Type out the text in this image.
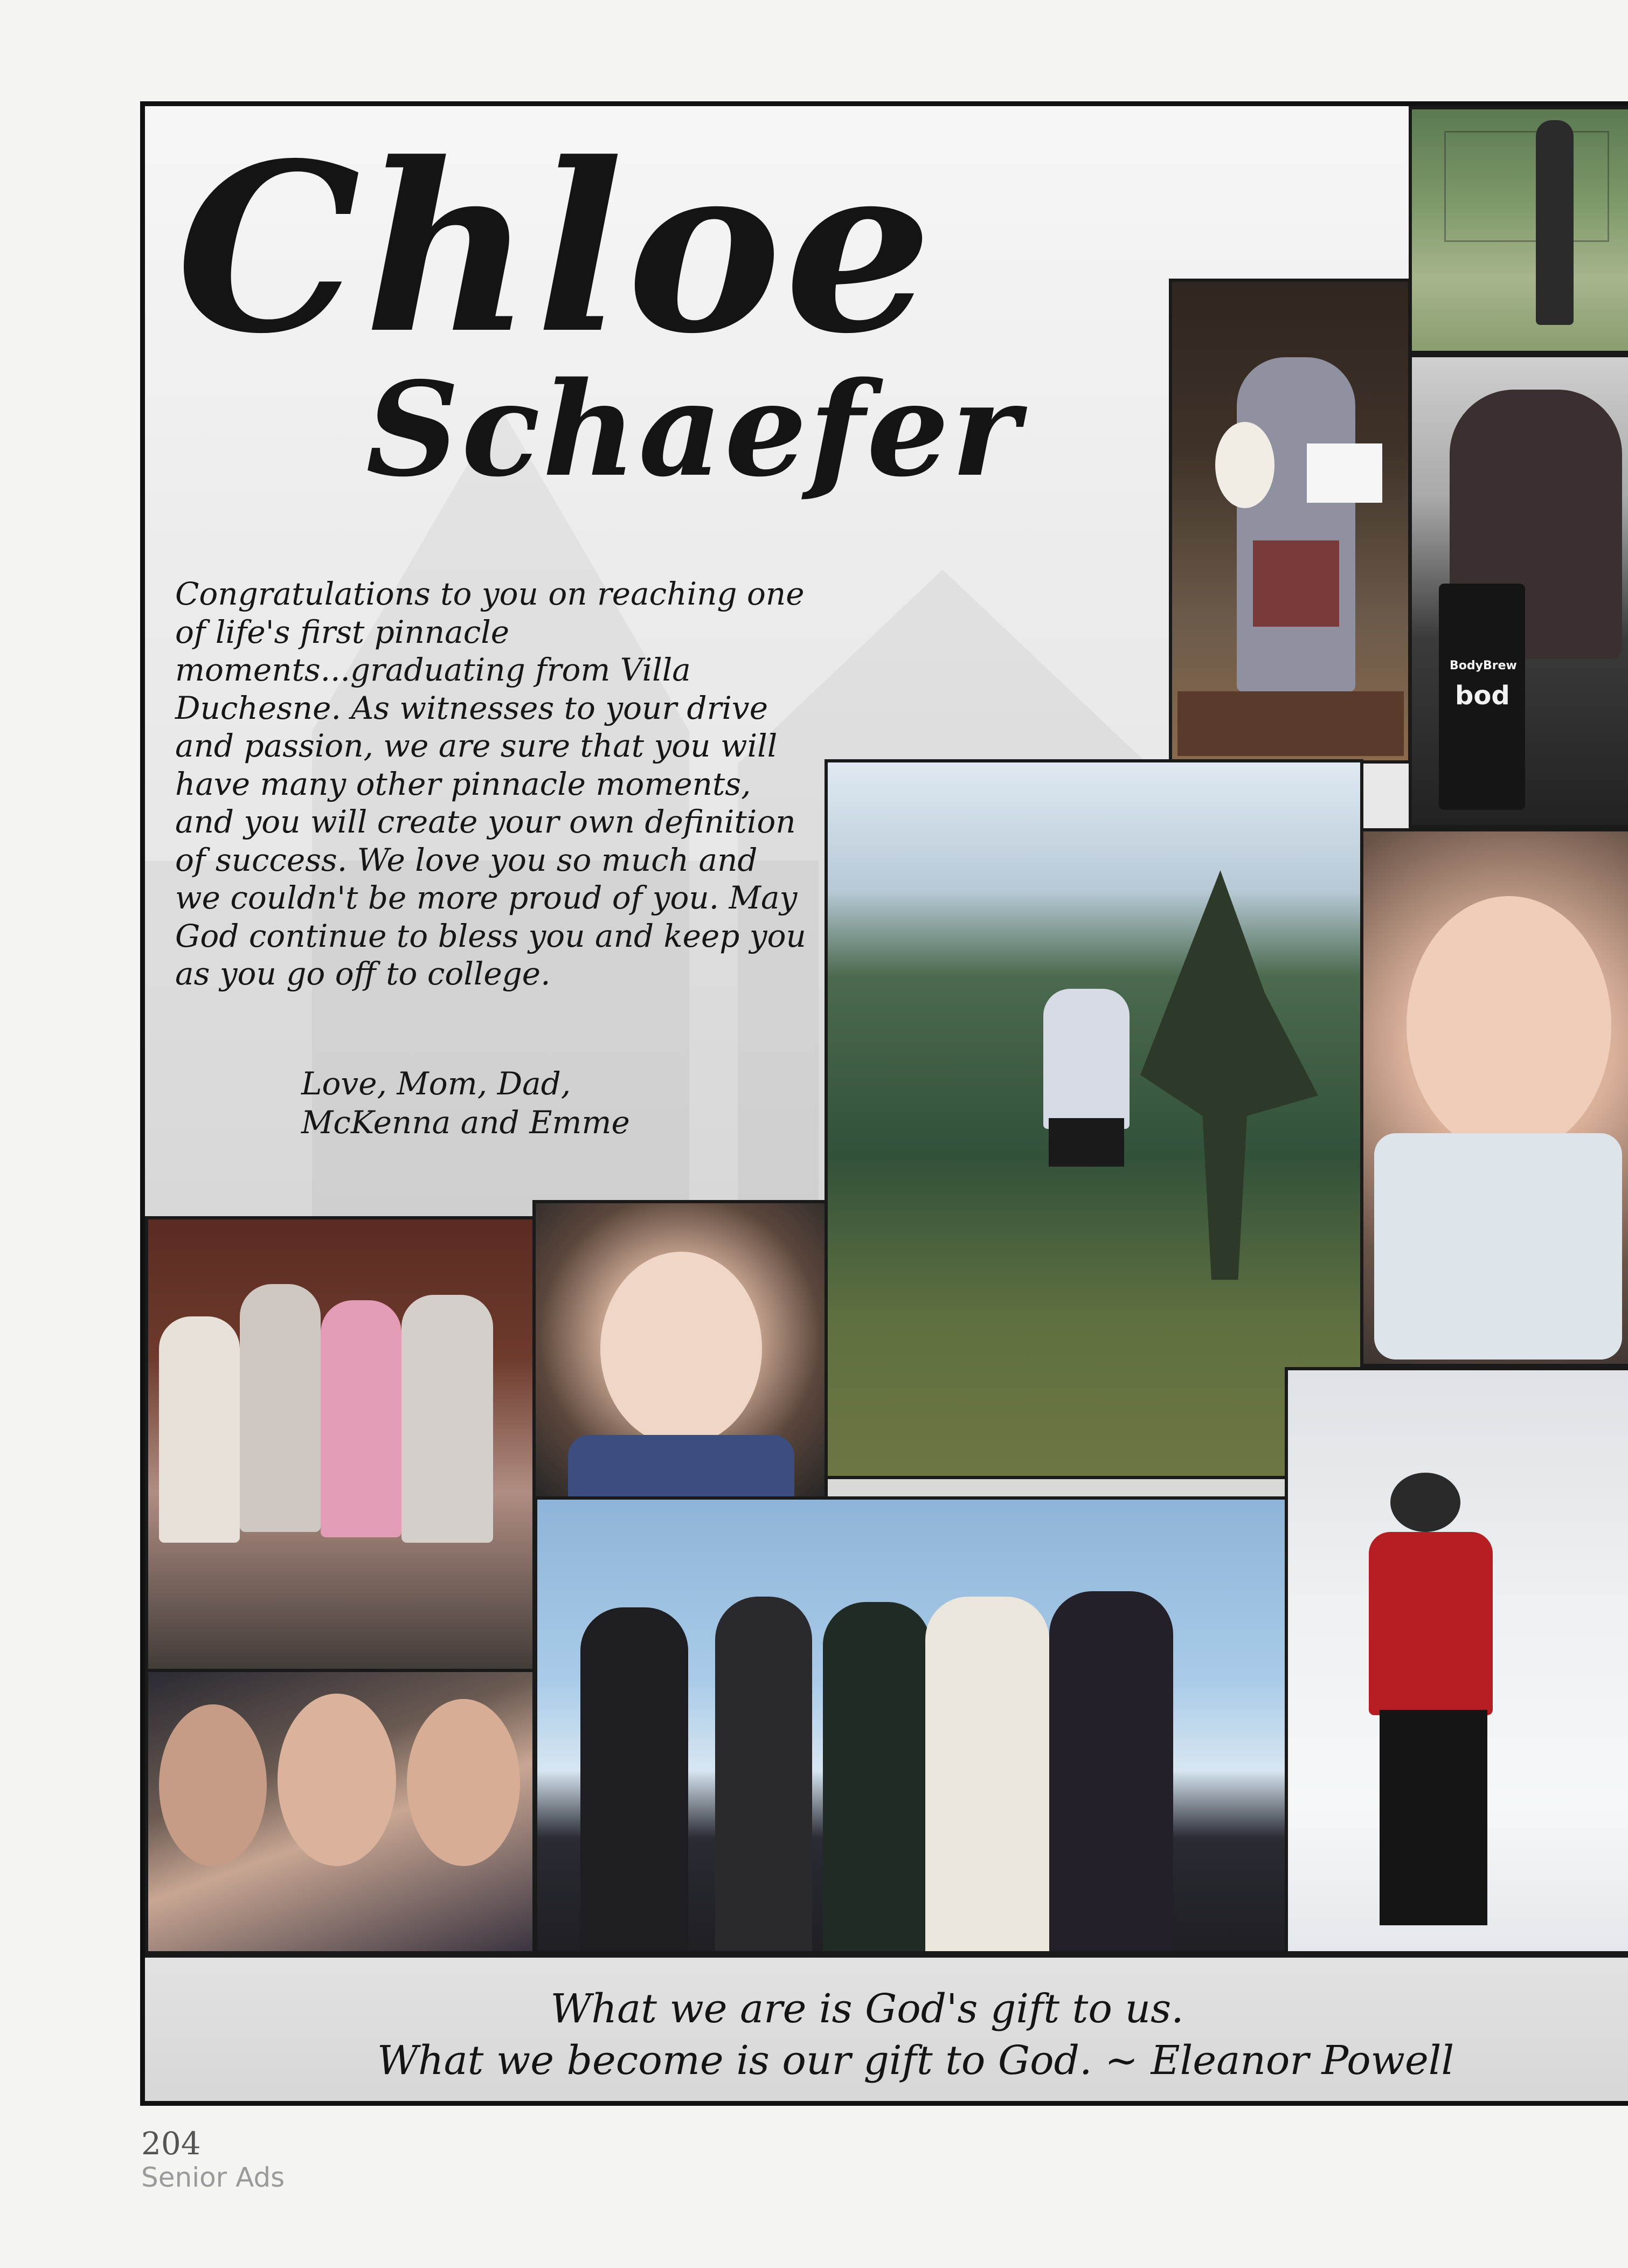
Chloe
Schaefer
Congratulations to you on reaching one of life's first pinnacle moments...graduating from Villa Duchesne. As witnesses to your drive and passion, we are sure that you will have many other pinnacle moments, and you will create your own definition of success. We love you so much and we couldn't be more proud of you. May God continue to bless you and keep you as you go off to college.
Love, Mom, Dad,
McKenna and Emme
BodyBrew
bod
What we are is God's gift to us.
What we become is our gift to God. ~ Eleanor Powell
204
Senior Ads
